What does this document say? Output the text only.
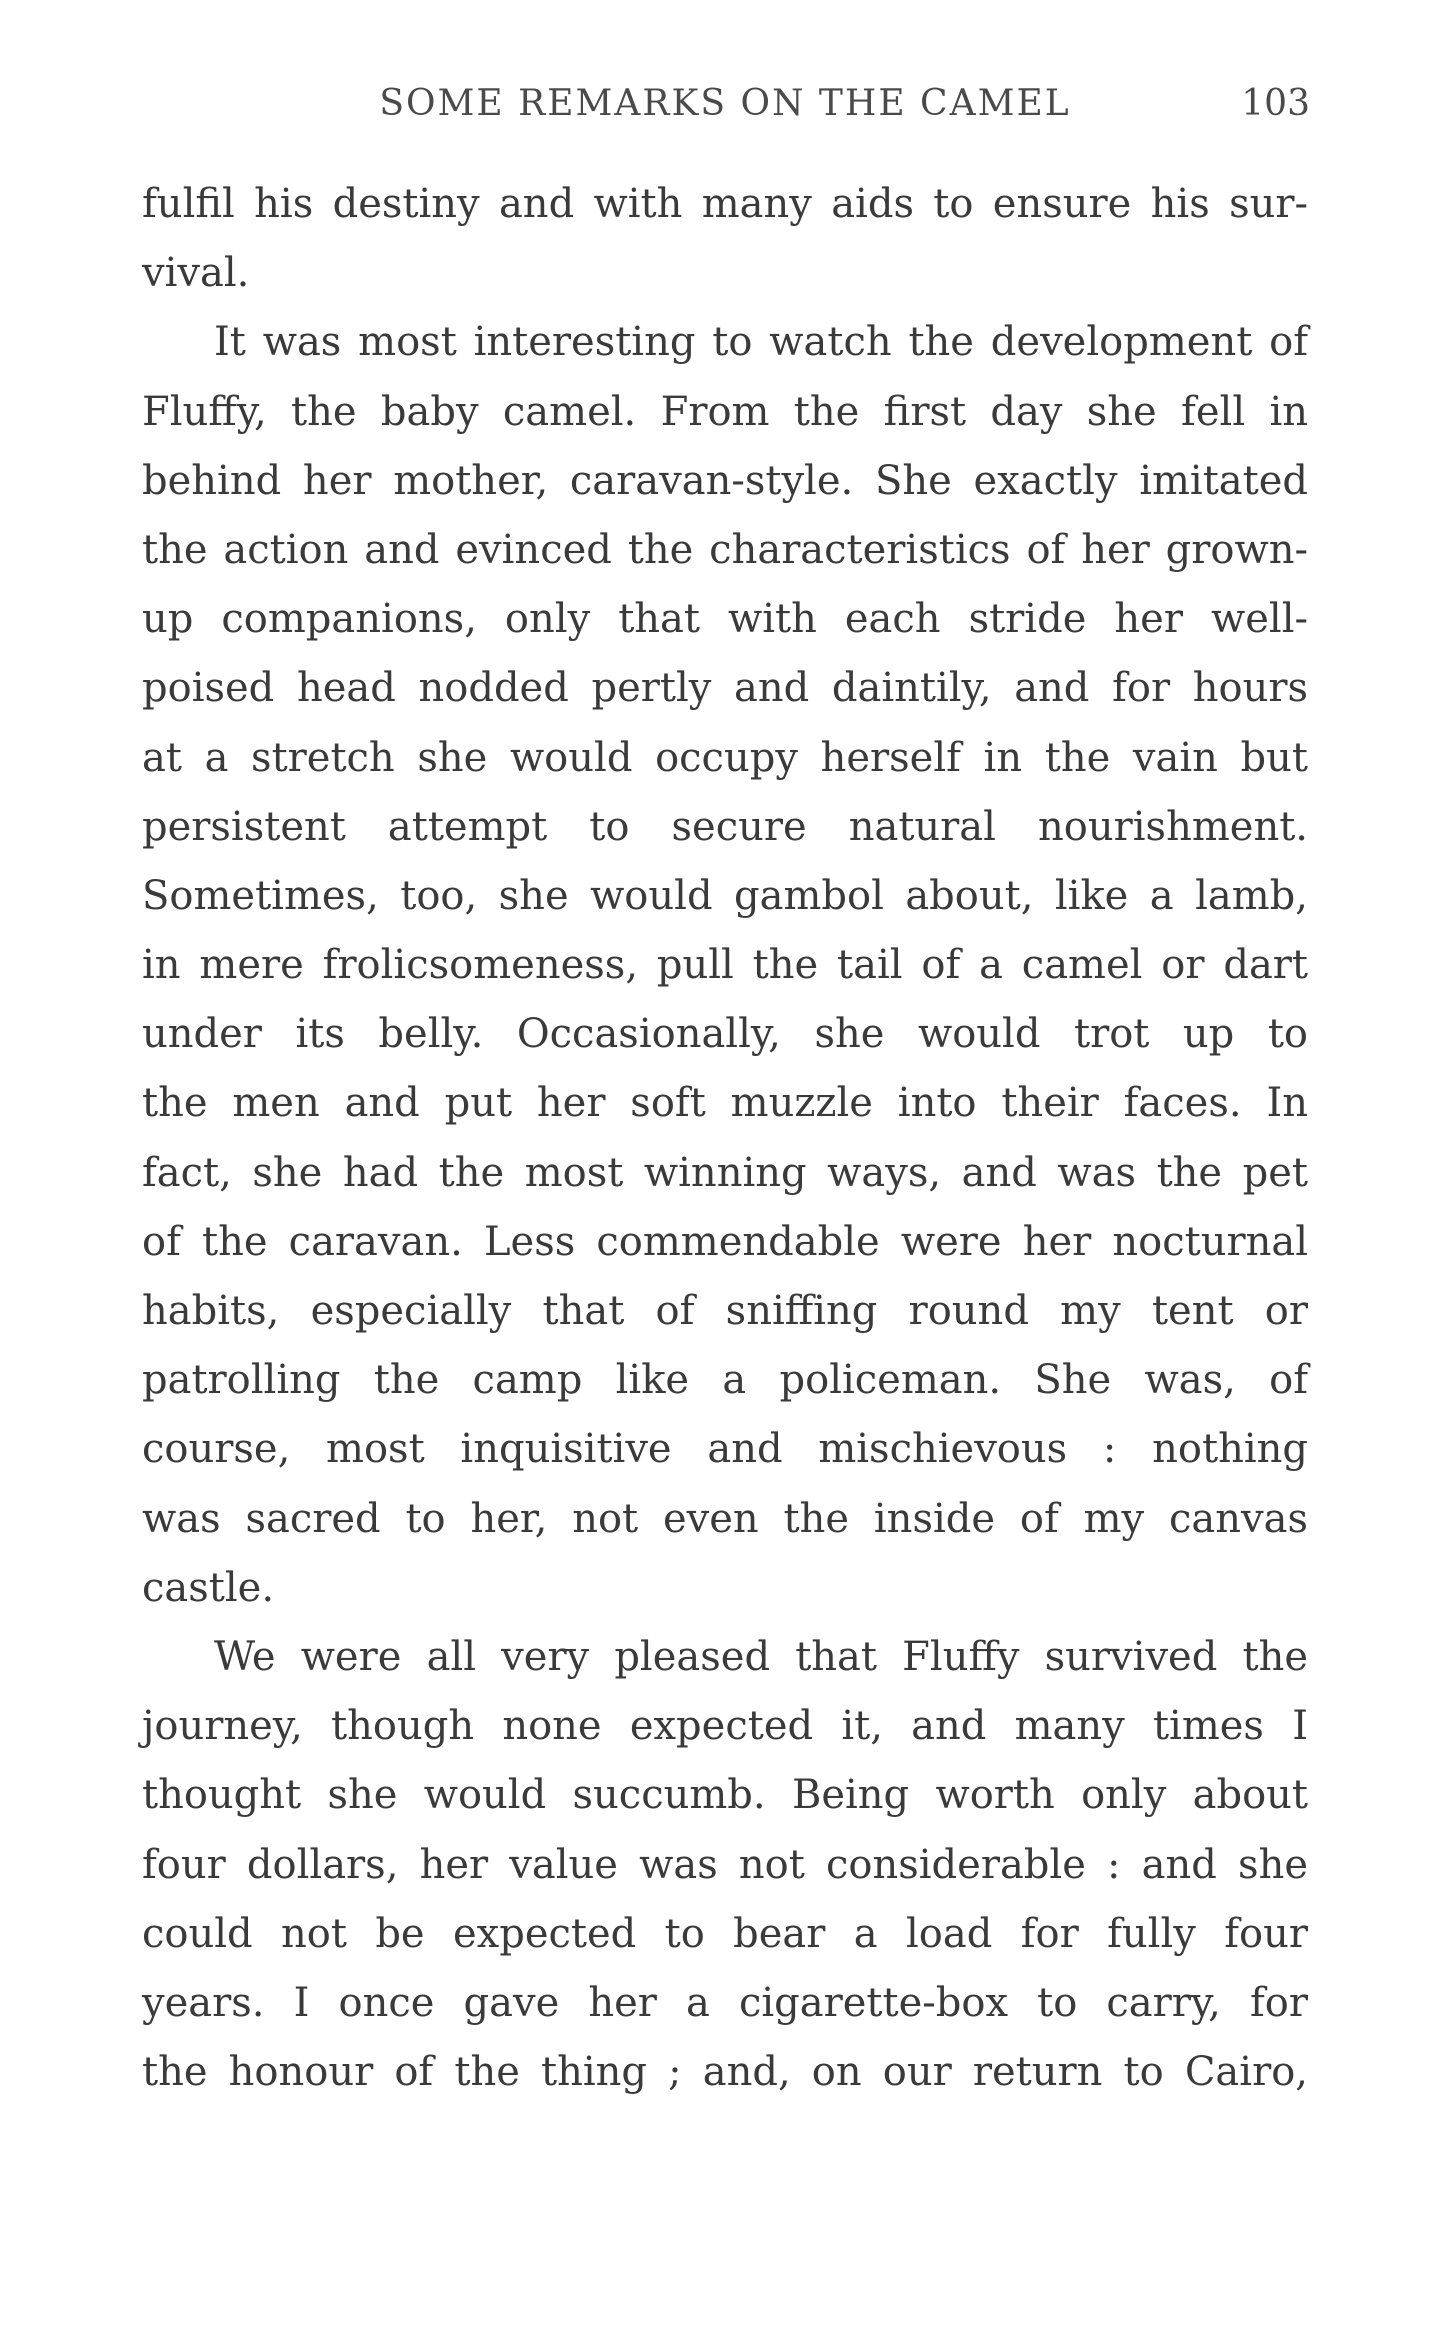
SOME REMARKS ON THE CAMEL	103
fulfil his destiny and with many aids to ensure his sur-
vival.
It was most interesting to watch the development of
Fluffy, the baby camel. From the first day she fell in
behind her mother, caravan-style. She exactly imitated
the action and evinced the characteristics of her grown-
up companions, only that with each stride her well-
poised head nodded pertly and daintily, and for hours
at a stretch she would occupy herself in the vain but
persistent attempt to secure natural nourishment.
Sometimes, too, she would gambol about, like a lamb,
in mere frolicsomeness, pull the tail of a camel or dart
under its belly. Occasionally, she would trot up to
the men and put her soft muzzle into their faces. In
fact, she had the most winning ways, and was the pet
of the caravan. Less commendable were her nocturnal
habits, especially that of sniffing round my tent or
patrolling the camp like a policeman. She was, of
course, most inquisitive and mischievous : nothing
was sacred to her, not even the inside of my canvas
castle.
We were all very pleased that Fluffy survived the
journey, though none expected it, and many times I
thought she would succumb. Being worth only about
four dollars, her value was not considerable : and she
could not be expected to bear a load for fully four
years. I once gave her a cigarette-box to carry, for
the honour of the thing ; and, on our return to Cairo,
